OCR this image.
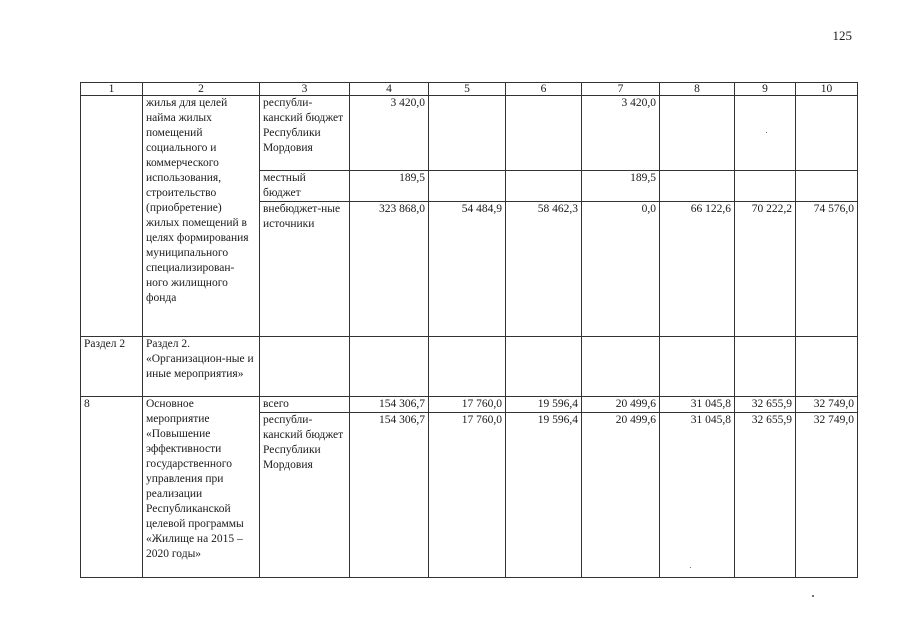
125
1	2	3	4	5	6	7	8	9	10
	жилья для целей найма жилых помещений социального и коммерческого использования, строительство (приобретение) жилых помещений в целях формирования муниципального специализирован-ного жилищного фонда	республи-канский бюджет Республики Мордовия	3 420,0			3 420,0			
		местный бюджет	189,5			189,5			
		внебюджет-ные источники	323 868,0	54 484,9	58 462,3	0,0	66 122,6	70 222,2	74 576,0
Раздел 2	Раздел 2. «Организацион-ные и иные мероприятия»								
8	Основное мероприятие «Повышение эффективности государственного управления при реализации Республиканской целевой программы «Жилище на 2015 – 2020 годы»	всего	154 306,7	17 760,0	19 596,4	20 499,6	31 045,8	32 655,9	32 749,0
		республи-канский бюджет Республики Мордовия	154 306,7	17 760,0	19 596,4	20 499,6	31 045,8	32 655,9	32 749,0
